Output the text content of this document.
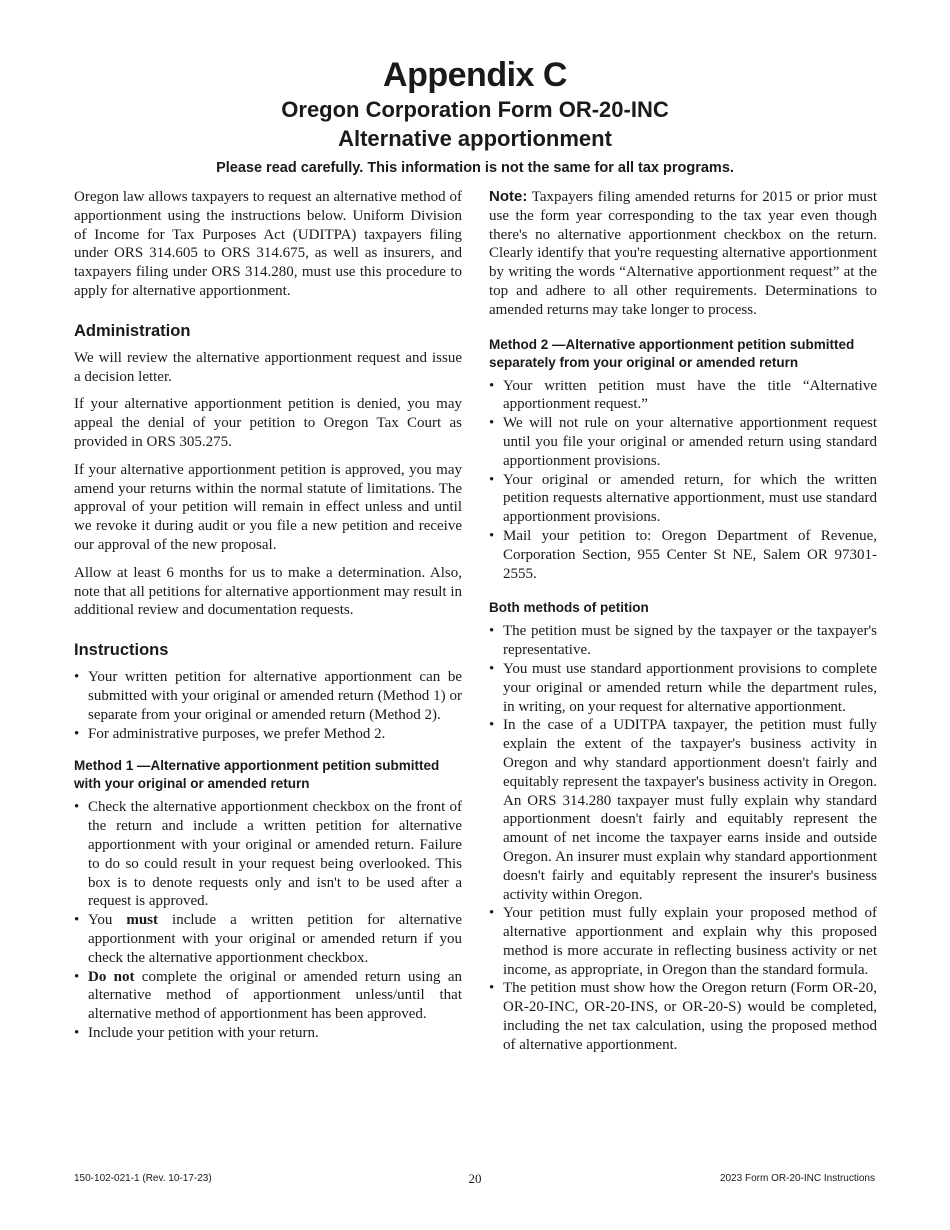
Appendix C
Oregon Corporation Form OR-20-INC
Alternative apportionment
Please read carefully. This information is not the same for all tax programs.

Oregon law allows taxpayers to request an alternative method of apportionment using the instructions below. Uniform Division of Income for Tax Purposes Act (UDITPA) taxpayers filing under ORS 314.605 to ORS 314.675, as well as insurers, and taxpayers filing under ORS 314.280, must use this procedure to apply for alternative apportionment.

Administration

We will review the alternative apportionment request and issue a decision letter.

If your alternative apportionment petition is denied, you may appeal the denial of your petition to Oregon Tax Court as provided in ORS 305.275.

If your alternative apportionment petition is approved, you may amend your returns within the normal statute of limitations. The approval of your petition will remain in effect unless and until we revoke it during audit or you file a new petition and receive our approval of the new proposal.

Allow at least 6 months for us to make a determination. Also, note that all petitions for alternative apportionment may result in additional review and documentation requests.

Instructions
• Your written petition for alternative apportionment can be submitted with your original or amended return (Method 1) or separate from your original or amended return (Method 2).
• For administrative purposes, we prefer Method 2.
Method 1 —Alternative apportionment petition submitted with your original or amended return
• Check the alternative apportionment checkbox on the front of the return and include a written petition for alternative apportionment with your original or amended return. Failure to do so could result in your request being overlooked. This box is to denote requests only and isn't to be used after a request is approved.
• You must include a written petition for alternative apportionment with your original or amended return if you check the alternative apportionment checkbox.
• Do not complete the original or amended return using an alternative method of apportionment unless/until that alternative method of apportionment has been approved.
• Include your petition with your return.

Note: Taxpayers filing amended returns for 2015 or prior must use the form year corresponding to the tax year even though there's no alternative apportionment checkbox on the return. Clearly identify that you're requesting alternative apportionment by writing the words “Alternative apportionment request” at the top and adhere to all other requirements. Determinations to amended returns may take longer to process.

Method 2 —Alternative apportionment petition submitted separately from your original or amended return
• Your written petition must have the title “Alternative apportionment request.”
• We will not rule on your alternative apportionment request until you file your original or amended return using standard apportionment provisions.
• Your original or amended return, for which the written petition requests alternative apportionment, must use standard apportionment provisions.
• Mail your petition to: Oregon Department of Revenue, Corporation Section, 955 Center St NE, Salem OR 97301-2555.
Both methods of petition
• The petition must be signed by the taxpayer or the taxpayer's representative.
• You must use standard apportionment provisions to complete your original or amended return while the department rules, in writing, on your request for alternative apportionment.
• In the case of a UDITPA taxpayer, the petition must fully explain the extent of the taxpayer's business activity in Oregon and why standard apportionment doesn't fairly and equitably represent the taxpayer's business activity in Oregon. An ORS 314.280 taxpayer must fully explain why standard apportionment doesn't fairly and equitably represent the amount of net income the taxpayer earns inside and outside Oregon. An insurer must explain why standard apportionment doesn't fairly and equitably represent the insurer's business activity within Oregon.
• Your petition must fully explain your proposed method of alternative apportionment and explain why this proposed method is more accurate in reflecting business activity or net income, as appropriate, in Oregon than the standard formula.
• The petition must show how the Oregon return (Form OR-20, OR-20-INC, OR-20-INS, or OR-20-S) would be completed, including the net tax calculation, using the proposed method of alternative apportionment.
150-102-021-1 (Rev. 10-17-23)	20	2023 Form OR-20-INC Instructions
